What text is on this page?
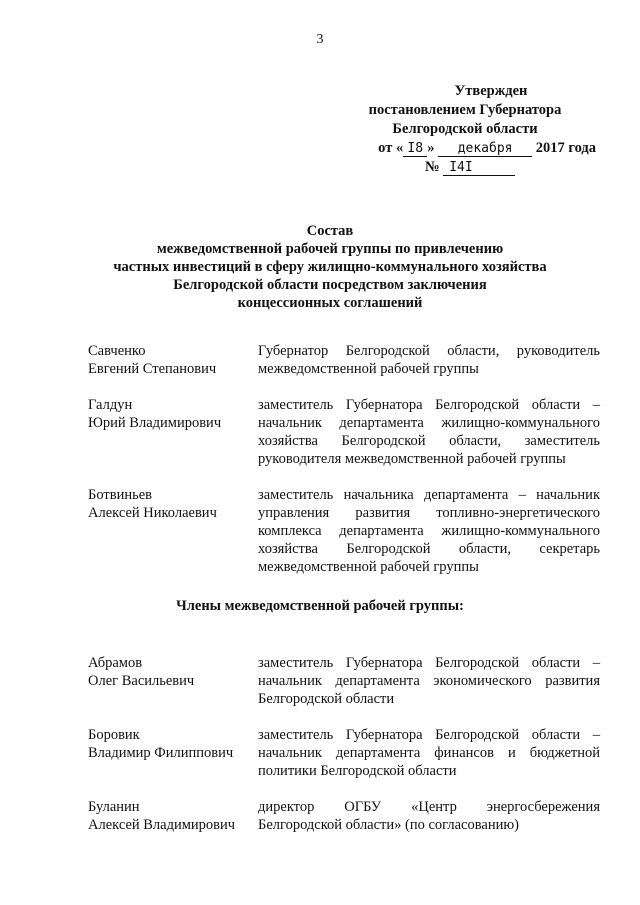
3
Утвержден
постановлением Губернатора
Белгородской области
от « I8 » декабря 2017 года
№ I4I
Состав
межведомственной рабочей группы по привлечению
частных инвестиций в сферу жилищно-коммунального хозяйства
Белгородской области посредством заключения
концессионных соглашений
Савченко
Евгений Степанович
Губернатор Белгородской области, руководитель межведомственной рабочей группы
Галдун
Юрий Владимирович
заместитель Губернатора Белгородской области – начальник департамента жилищно-коммунального хозяйства Белгородской области, заместитель руководителя межведомственной рабочей группы
Ботвиньев
Алексей Николаевич
заместитель начальника департамента – начальник управления развития топливно-энергетического комплекса департамента жилищно-коммунального хозяйства Белгородской области, секретарь межведомственной рабочей группы
Члены межведомственной рабочей группы:
Абрамов
Олег Васильевич
заместитель Губернатора Белгородской области – начальник департамента экономического развития Белгородской области
Боровик
Владимир Филиппович
заместитель Губернатора Белгородской области – начальник департамента финансов и бюджетной политики Белгородской области
Буланин
Алексей Владимирович
директор ОГБУ «Центр энергосбережения Белгородской области» (по согласованию)
